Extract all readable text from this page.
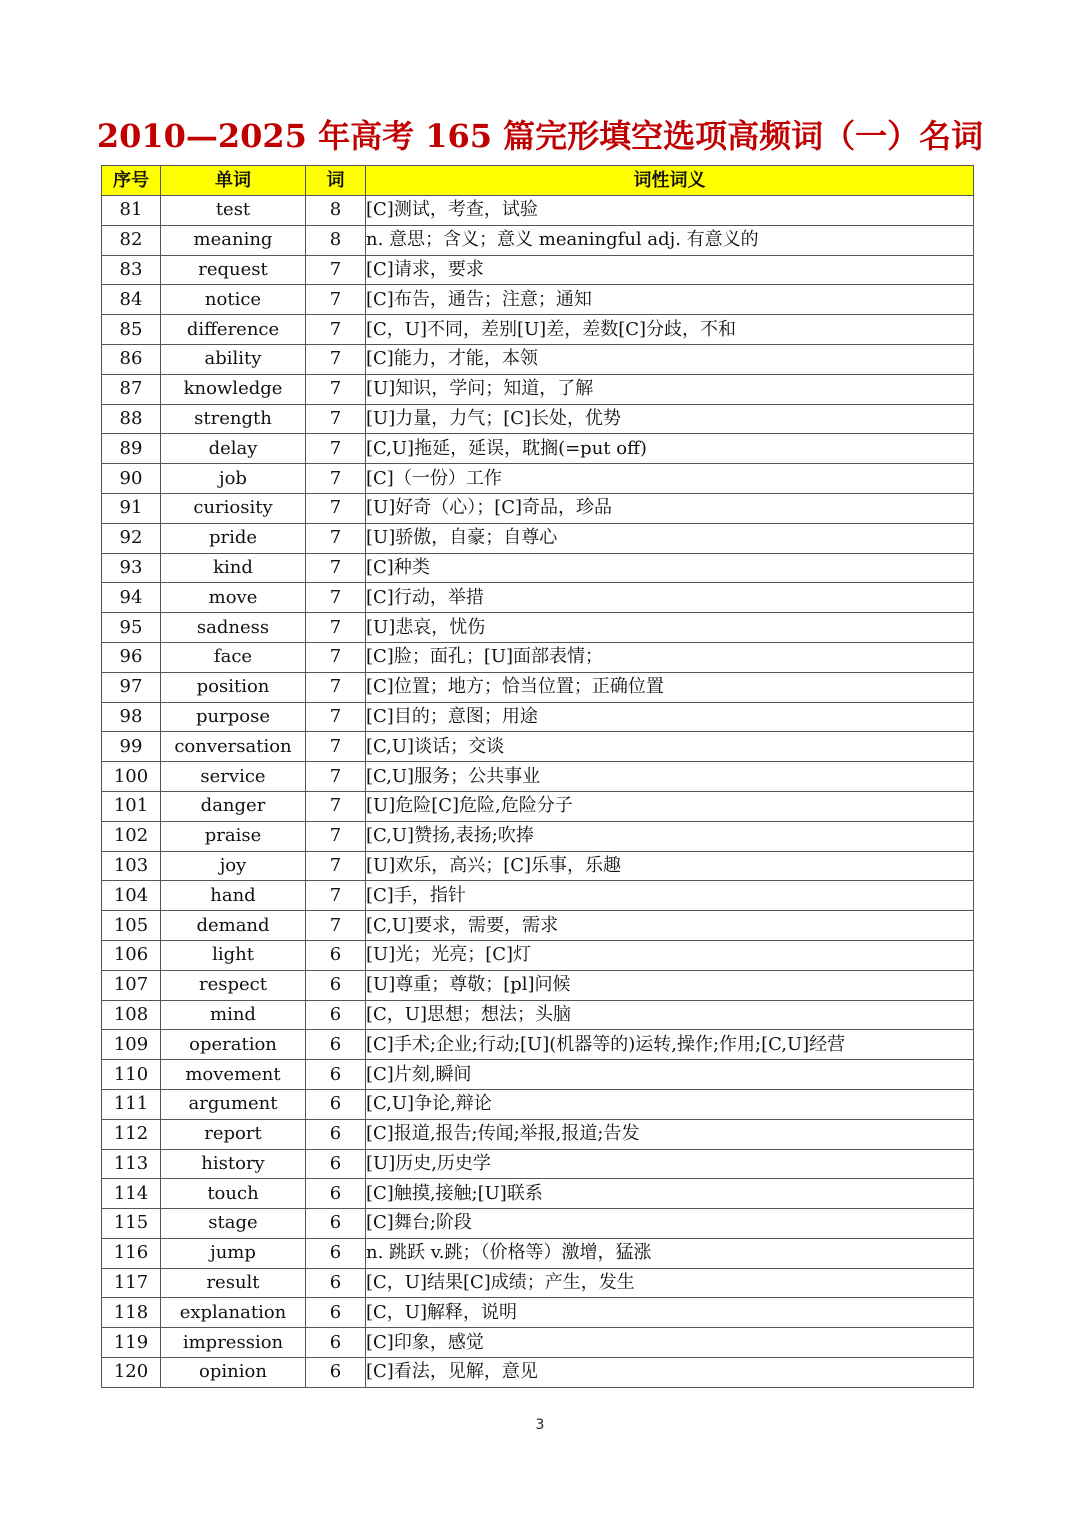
2010—2025 年高考 165 篇完形填空选项高频词（一）名词
序号	单词	词	词性词义
81	test	8	[C]测试，考查，试验
82	meaning	8	n. 意思；含义；意义 meaningful adj. 有意义的
83	request	7	[C]请求，要求
84	notice	7	[C]布告，通告；注意；通知
85	difference	7	[C，U]不同，差别[U]差，差数[C]分歧，不和
86	ability	7	[C]能力，才能，本领
87	knowledge	7	[U]知识，学问；知道，了解
88	strength	7	[U]力量，力气；[C]长处，优势
89	delay	7	[C,U]拖延，延误，耽搁(=put off)
90	job	7	[C]（一份）工作
91	curiosity	7	[U]好奇（心）；[C]奇品，珍品
92	pride	7	[U]骄傲，自豪；自尊心
93	kind	7	[C]种类
94	move	7	[C]行动，举措
95	sadness	7	[U]悲哀，忧伤
96	face	7	[C]脸；面孔；[U]面部表情；
97	position	7	[C]位置；地方；恰当位置；正确位置
98	purpose	7	[C]目的；意图；用途
99	conversation	7	[C,U]谈话；交谈
100	service	7	[C,U]服务；公共事业
101	danger	7	[U]危险[C]危险,危险分子
102	praise	7	[C,U]赞扬,表扬;吹捧
103	joy	7	[U]欢乐，高兴；[C]乐事，乐趣
104	hand	7	[C]手，指针
105	demand	7	[C,U]要求，需要，需求
106	light	6	[U]光；光亮；[C]灯
107	respect	6	[U]尊重；尊敬；[pl]问候
108	mind	6	[C，U]思想；想法；头脑
109	operation	6	[C]手术;企业;行动;[U](机器等的)运转,操作;作用;[C,U]经营
110	movement	6	[C]片刻,瞬间
111	argument	6	[C,U]争论,辩论
112	report	6	[C]报道,报告;传闻;举报,报道;告发
113	history	6	[U]历史,历史学
114	touch	6	[C]触摸,接触;[U]联系
115	stage	6	[C]舞台;阶段
116	jump	6	n. 跳跃 v.跳；（价格等）激增，猛涨
117	result	6	[C，U]结果[C]成绩；产生，发生
118	explanation	6	[C，U]解释，说明
119	impression	6	[C]印象，感觉
120	opinion	6	[C]看法，见解，意见
3
